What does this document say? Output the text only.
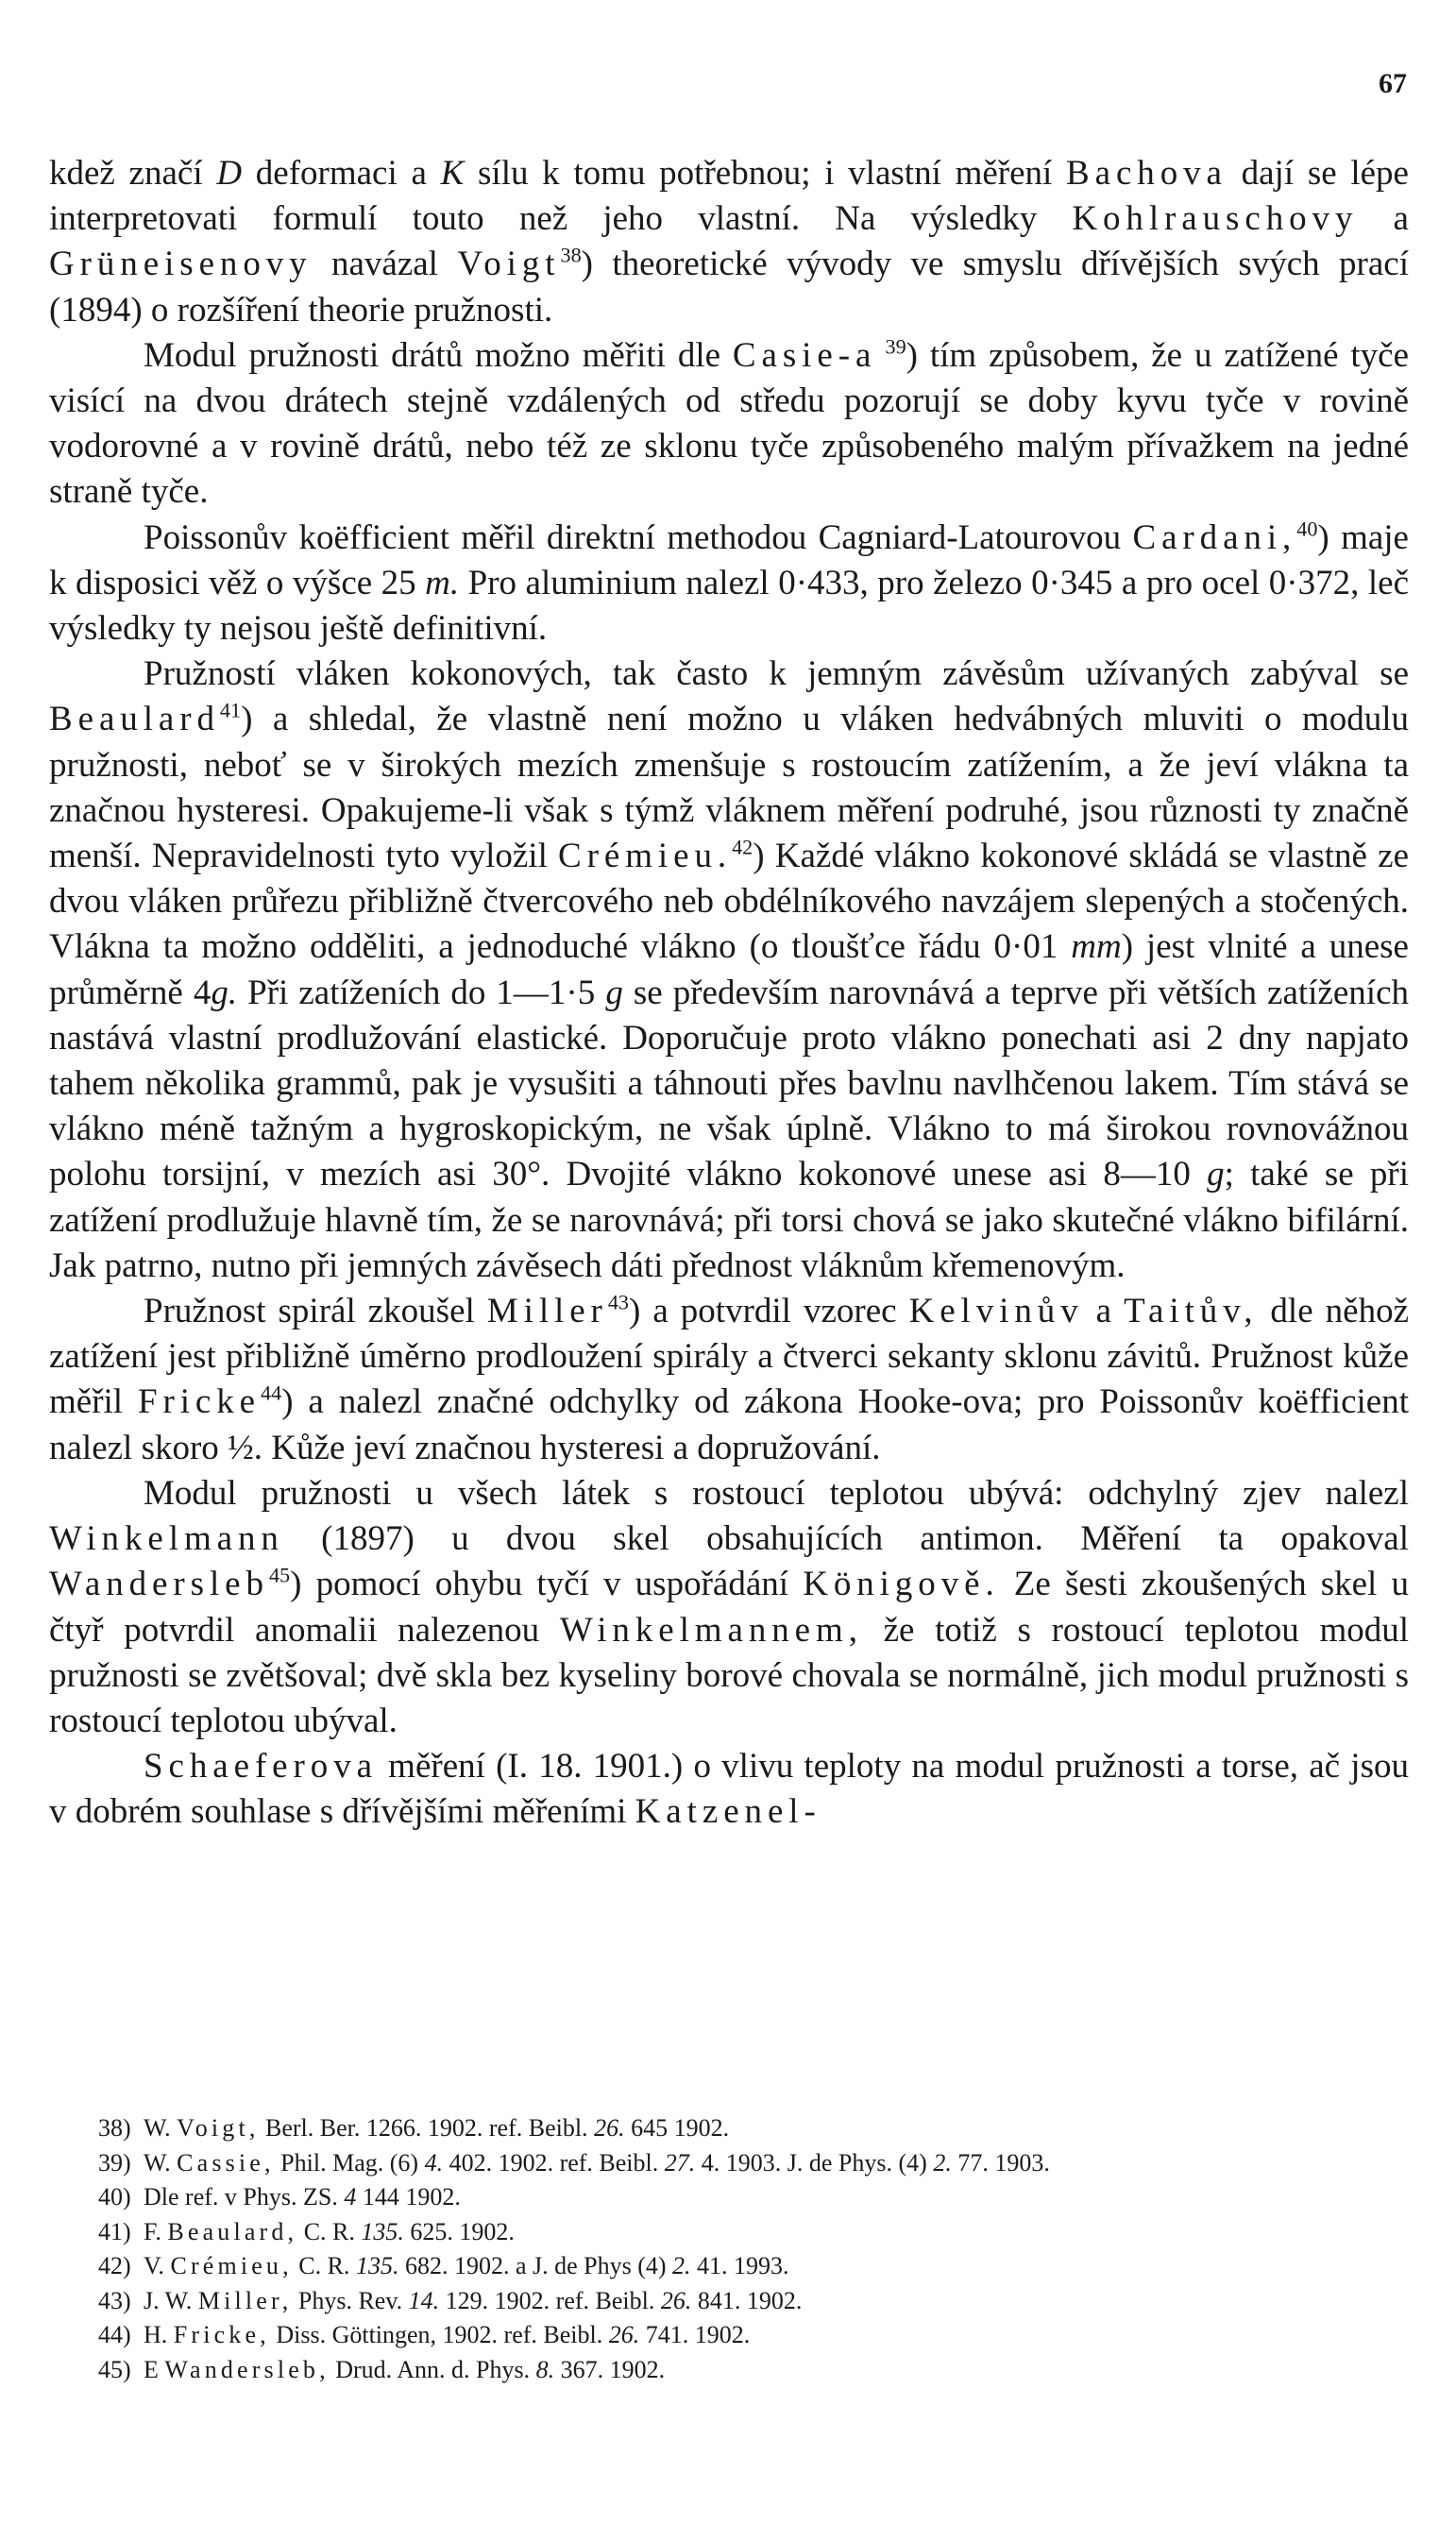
67

kdež značí D deformaci a K sílu k tomu potřebnou; i vlastní měření Bachova dají se lépe interpretovati formulí touto než jeho vlastní. Na výsledky Kohlrauschovy a Grüneisenovy navázal Voigt$^{38}$) theoretické vývody ve smyslu dřívějších svých prací (1894) o rozšíření theorie pružnosti.

Modul pružnosti drátů možno měřiti dle Casie-a $^{39}$) tím způsobem, že u zatížené tyče visící na dvou drátech stejně vzdálených od středu pozorují se doby kyvu tyče v rovině vodorovné a v rovině drátů, nebo též ze sklonu tyče způsobeného malým přívažkem na jedné straně tyče.

Poissonův koëfficient měřil direktní methodou Cagniard-Latourovou Cardani,$^{40}$) maje k disposici věž o výšce 25 m. Pro aluminium nalezl 0·433, pro železo 0·345 a pro ocel 0·372, leč výsledky ty nejsou ještě definitivní.

Pružností vláken kokonových, tak často k jemným závěsům užívaných zabýval se Beaulard$^{41}$) a shledal, že vlastně není možno u vláken hedvábných mluviti o modulu pružnosti, neboť se v širokých mezích zmenšuje s rostoucím zatížením, a že jeví vlákna ta značnou hysteresi. Opakujeme-li však s týmž vláknem měření podruhé, jsou různosti ty značně menší. Nepravidelnosti tyto vyložil Crémieu.$^{42}$) Každé vlákno kokonové skládá se vlastně ze dvou vláken průřezu přibližně čtvercového neb obdélníkového navzájem slepených a stočených. Vlákna ta možno odděliti, a jednoduché vlákno (o tloušťce řádu 0·01 mm) jest vlnité a unese průměrně 4g. Při zatíženích do 1—1·5 g se především narovnává a teprve při větších zatíženích nastává vlastní prodlužování elastické. Doporučuje proto vlákno ponechati asi 2 dny napjato tahem několika grammů, pak je vysušiti a táhnouti přes bavlnu navlhčenou lakem. Tím stává se vlákno méně tažným a hygroskopickým, ne však úplně. Vlákno to má širokou rovnovážnou polohu torsijní, v mezích asi 30°. Dvojité vlákno kokonové unese asi 8—10 g; také se při zatížení prodlužuje hlavně tím, že se narovnává; při torsi chová se jako skutečné vlákno bifilární. Jak patrno, nutno při jemných závěsech dáti přednost vláknům křemenovým.

Pružnost spirál zkoušel Miller$^{43}$) a potvrdil vzorec Kelvinův a Taitův, dle něhož zatížení jest přibližně úměrno prodloužení spirály a čtverci sekanty sklonu závitů. Pružnost kůže měřil Fricke$^{44}$) a nalezl značné odchylky od zákona Hooke-ova; pro Poissonův koëfficient nalezl skoro ½. Kůže jeví značnou hysteresi a dopružování.

Modul pružnosti u všech látek s rostoucí teplotou ubývá: odchylný zjev nalezl Winkelmann (1897) u dvou skel obsahujících antimon. Měření ta opakoval Wandersleb$^{45}$) pomocí ohybu tyčí v uspořádání Königově. Ze šesti zkoušených skel u čtyř potvrdil anomalii nalezenou Winkelmannem, že totiž s rostoucí teplotou modul pružnosti se zvětšoval; dvě skla bez kyseliny borové chovala se normálně, jich modul pružnosti s rostoucí teplotou ubýval.

Schaeferova měření (I. 18. 1901.) o vlivu teploty na modul pružnosti a torse, ač jsou v dobrém souhlase s dřívějšími měřeními Katzenel-

38) W. Voigt, Berl. Ber. 1266. 1902. ref. Beibl. 26. 645 1902.

39) W. Cassie, Phil. Mag. (6) 4. 402. 1902. ref. Beibl. 27. 4. 1903. J. de Phys. (4) 2. 77. 1903.

40) Dle ref. v Phys. ZS. 4 144 1902.

41) F. Beaulard, C. R. 135. 625. 1902.

42) V. Crémieu, C. R. 135. 682. 1902. a J. de Phys (4) 2. 41. 1993.

43) J. W. Miller, Phys. Rev. 14. 129. 1902. ref. Beibl. 26. 841. 1902.

44) H. Fricke, Diss. Göttingen, 1902. ref. Beibl. 26. 741. 1902.

45) E Wandersleb, Drud. Ann. d. Phys. 8. 367. 1902.
